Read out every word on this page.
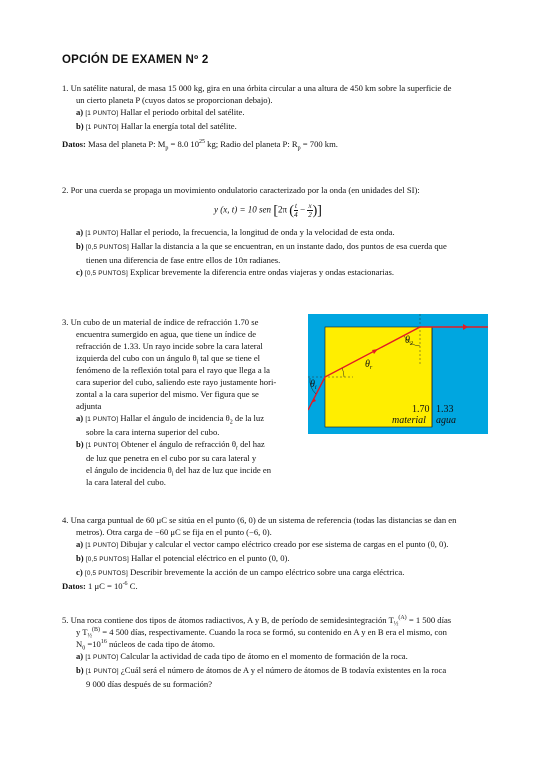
OPCIÓN DE EXAMEN Nº 2
1. Un satélite natural, de masa 15 000 kg, gira en una órbita circular a una altura de 450 km sobre la superficie de
un cierto planeta P (cuyos datos se proporcionan debajo).
a) [1 PUNTO] Hallar el periodo orbital del satélite.
b) [1 PUNTO] Hallar la energía total del satélite.
Datos: Masa del planeta P: $M_p = 8.0$ $10^{25}$ kg; Radio del planeta P: $R_p = 700$ km.
2. Por una cuerda se propaga un movimiento ondulatorio caracterizado por la onda (en unidades del SI):
y (x, t) = 10 sen [2π ( $\frac{t}{4} - \frac{x}{2}$ )]
a) [1 PUNTO] Hallar el periodo, la frecuencia, la longitud de onda y la velocidad de esta onda.
b) [0,5 PUNTOS] Hallar la distancia a la que se encuentran, en un instante dado, dos puntos de esa cuerda que
tienen una diferencia de fase entre ellos de 10π radianes.
c) [0,5 PUNTOS] Explicar brevemente la diferencia entre ondas viajeras y ondas estacionarias.
3. Un cubo de un material de índice de refracción 1.70 se
encuentra sumergido en agua, que tiene un índice de
refracción de 1.33. Un rayo incide sobre la cara lateral
izquierda del cubo con un ángulo $\theta_i$ tal que se tiene el
fenómeno de la reflexión total para el rayo que llega a la
cara superior del cubo, saliendo este rayo justamente hori-
zontal a la cara superior del mismo. Ver figura que se
adjunta
a) [1 PUNTO] Hallar el ángulo de incidencia $\theta_2$ de la luz
sobre la cara interna superior del cubo.
b) [1 PUNTO] Obtener el ángulo de refracción $\theta_r$ del haz
de luz que penetra en el cubo por su cara lateral y
el ángulo de incidencia $\theta_i$ del haz de luz que incide en
la cara lateral del cubo.
$\theta_2$
$\theta_r$
$\theta_i$
1.70 1.33
material agua
4. Una carga puntual de 60 μC se sitúa en el punto (6, 0) de un sistema de referencia (todas las distancias se dan en
metros). Otra carga de −60 μC se fija en el punto (−6, 0).
a) [1 PUNTO] Dibujar y calcular el vector campo eléctrico creado por ese sistema de cargas en el punto (0, 0).
b) [0,5 PUNTOS] Hallar el potencial eléctrico en el punto (0, 0).
c) [0,5 PUNTOS] Describir brevemente la acción de un campo eléctrico sobre una carga eléctrica.
Datos: 1 $\mu C = 10^{-6}$ C.
5. Una roca contiene dos tipos de átomos radiactivos, A y B, de período de semidesintegración $T_{\frac{1}{2}}^{(A)} = 1$ 500 días
y $T_{\frac{1}{2}}^{(B)} = 4$ 500 días, respectivamente. Cuando la roca se formó, su contenido en A y en B era el mismo, con
$N_0 =10^{16}$ núcleos de cada tipo de átomo.
a) [1 PUNTO] Calcular la actividad de cada tipo de átomo en el momento de formación de la roca.
b) [1 PUNTO] ¿Cuál será el número de átomos de A y el número de átomos de B todavía existentes en la roca
9 000 días después de su formación?
